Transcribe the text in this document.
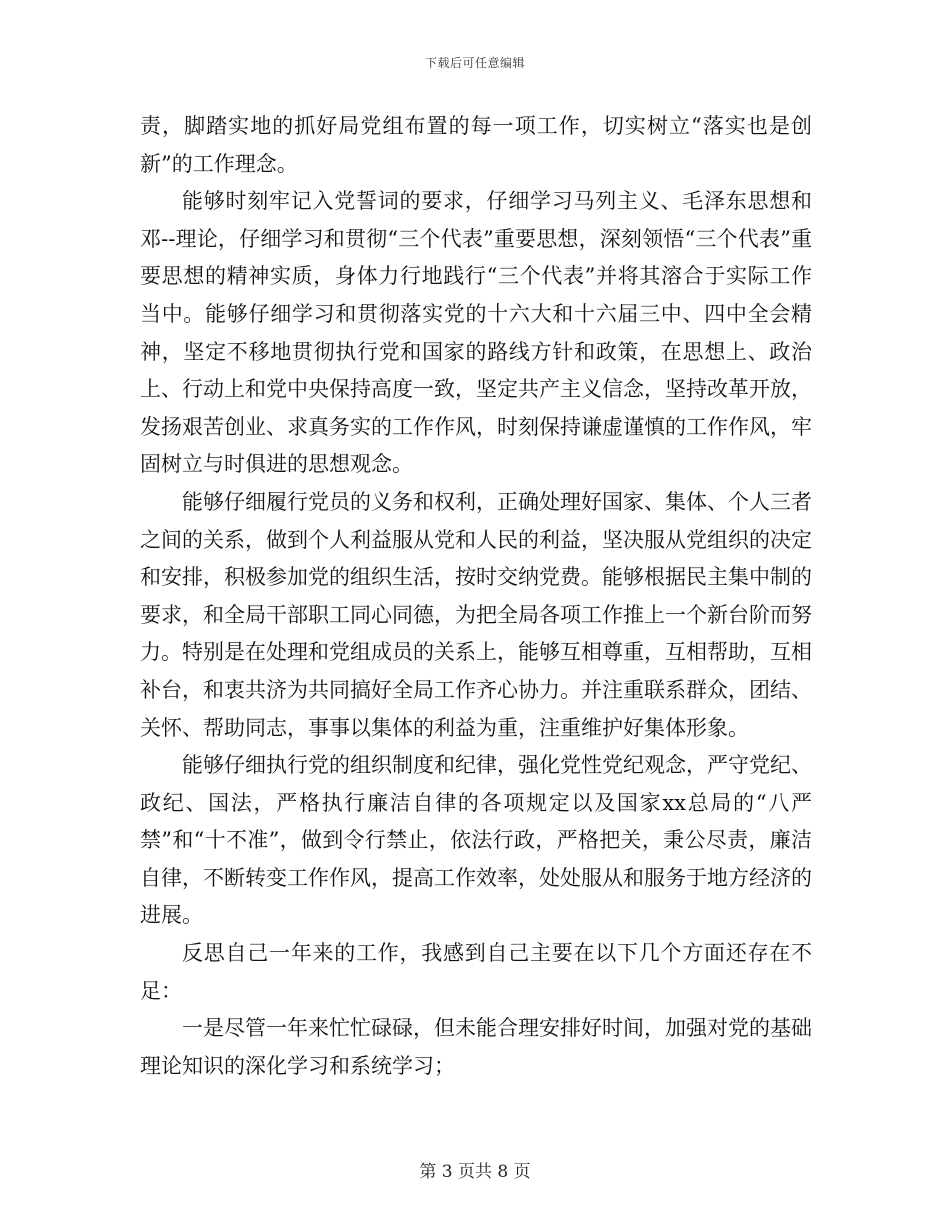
下载后可任意编辑

责，脚踏实地的抓好局党组布置的每一项工作，切实树立“落实也是创新”的工作理念。

能够时刻牢记入党誓词的要求，仔细学习马列主义、毛泽东思想和邓--理论，仔细学习和贯彻“三个代表”重要思想，深刻领悟“三个代表”重要思想的精神实质，身体力行地践行“三个代表”并将其溶合于实际工作当中。能够仔细学习和贯彻落实党的十六大和十六届三中、四中全会精神，坚定不移地贯彻执行党和国家的路线方针和政策，在思想上、政治上、行动上和党中央保持高度一致，坚定共产主义信念，坚持改革开放，发扬艰苦创业、求真务实的工作作风，时刻保持谦虚谨慎的工作作风，牢固树立与时俱进的思想观念。

能够仔细履行党员的义务和权利，正确处理好国家、集体、个人三者之间的关系，做到个人利益服从党和人民的利益，坚决服从党组织的决定和安排，积极参加党的组织生活，按时交纳党费。能够根据民主集中制的要求，和全局干部职工同心同德，为把全局各项工作推上一个新台阶而努力。特别是在处理和党组成员的关系上，能够互相尊重，互相帮助，互相补台，和衷共济为共同搞好全局工作齐心协力。并注重联系群众，团结、关怀、帮助同志，事事以集体的利益为重，注重维护好集体形象。

能够仔细执行党的组织制度和纪律，强化党性党纪观念，严守党纪、政纪、国法，严格执行廉洁自律的各项规定以及国家xx总局的“八严禁”和“十不准”，做到令行禁止，依法行政，严格把关，秉公尽责，廉洁自律，不断转变工作作风，提高工作效率，处处服从和服务于地方经济的进展。

反思自己一年来的工作，我感到自己主要在以下几个方面还存在不足：

一是尽管一年来忙忙碌碌，但未能合理安排好时间，加强对党的基础理论知识的深化学习和系统学习；

第 3 页共 8 页
